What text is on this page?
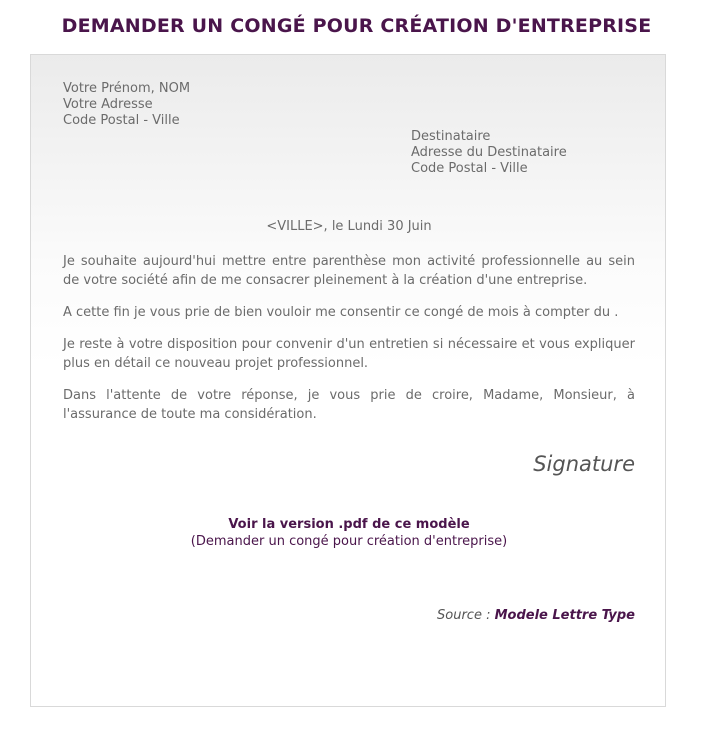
DEMANDER UN CONGÉ POUR CRÉATION D'ENTREPRISE
Votre Prénom, NOM
Votre Adresse
Code Postal - Ville
Destinataire
Adresse du Destinataire
Code Postal - Ville
<VILLE>, le Lundi 30 Juin

Je souhaite aujourd'hui mettre entre parenthèse mon activité professionnelle au sein de votre société afin de me consacrer pleinement à la création d'une entreprise.

A cette fin je vous prie de bien vouloir me consentir ce congé de mois à compter du .

Je reste à votre disposition pour convenir d'un entretien si nécessaire et vous expliquer plus en détail ce nouveau projet professionnel.

Dans l'attente de votre réponse, je vous prie de croire, Madame, Monsieur, à l'assurance de toute ma considération.

Signature
Voir la version .pdf de ce modèle
(Demander un congé pour création d'entreprise)
Source : Modele Lettre Type
